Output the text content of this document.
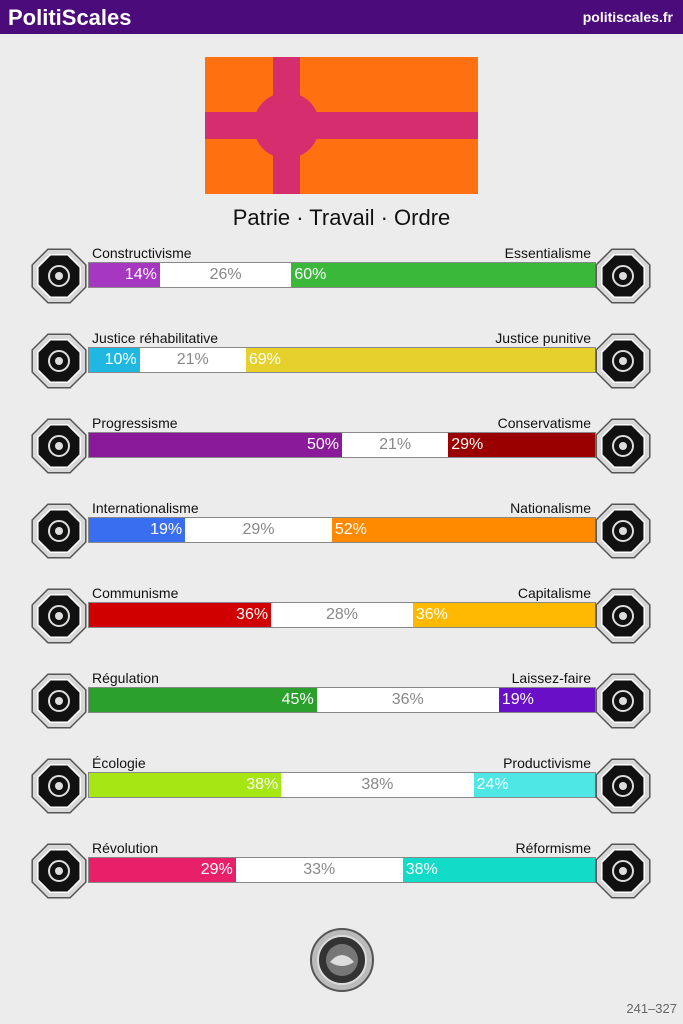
PolitiScales	politiscales.fr
Patrie · Travail · Ordre
Constructivisme	Essentialisme
14%	26%	60%
Justice réhabilitative	Justice punitive
10%	21%	69%
Progressisme	Conservatisme
50%	21%	29%
Internationalisme	Nationalisme
19%	29%	52%
Communisme	Capitalisme
36%	28%	36%
Régulation	Laissez-faire
45%	36%	19%
Écologie	Productivisme
38%	38%	24%
Révolution	Réformisme
29%	33%	38%
241–327
